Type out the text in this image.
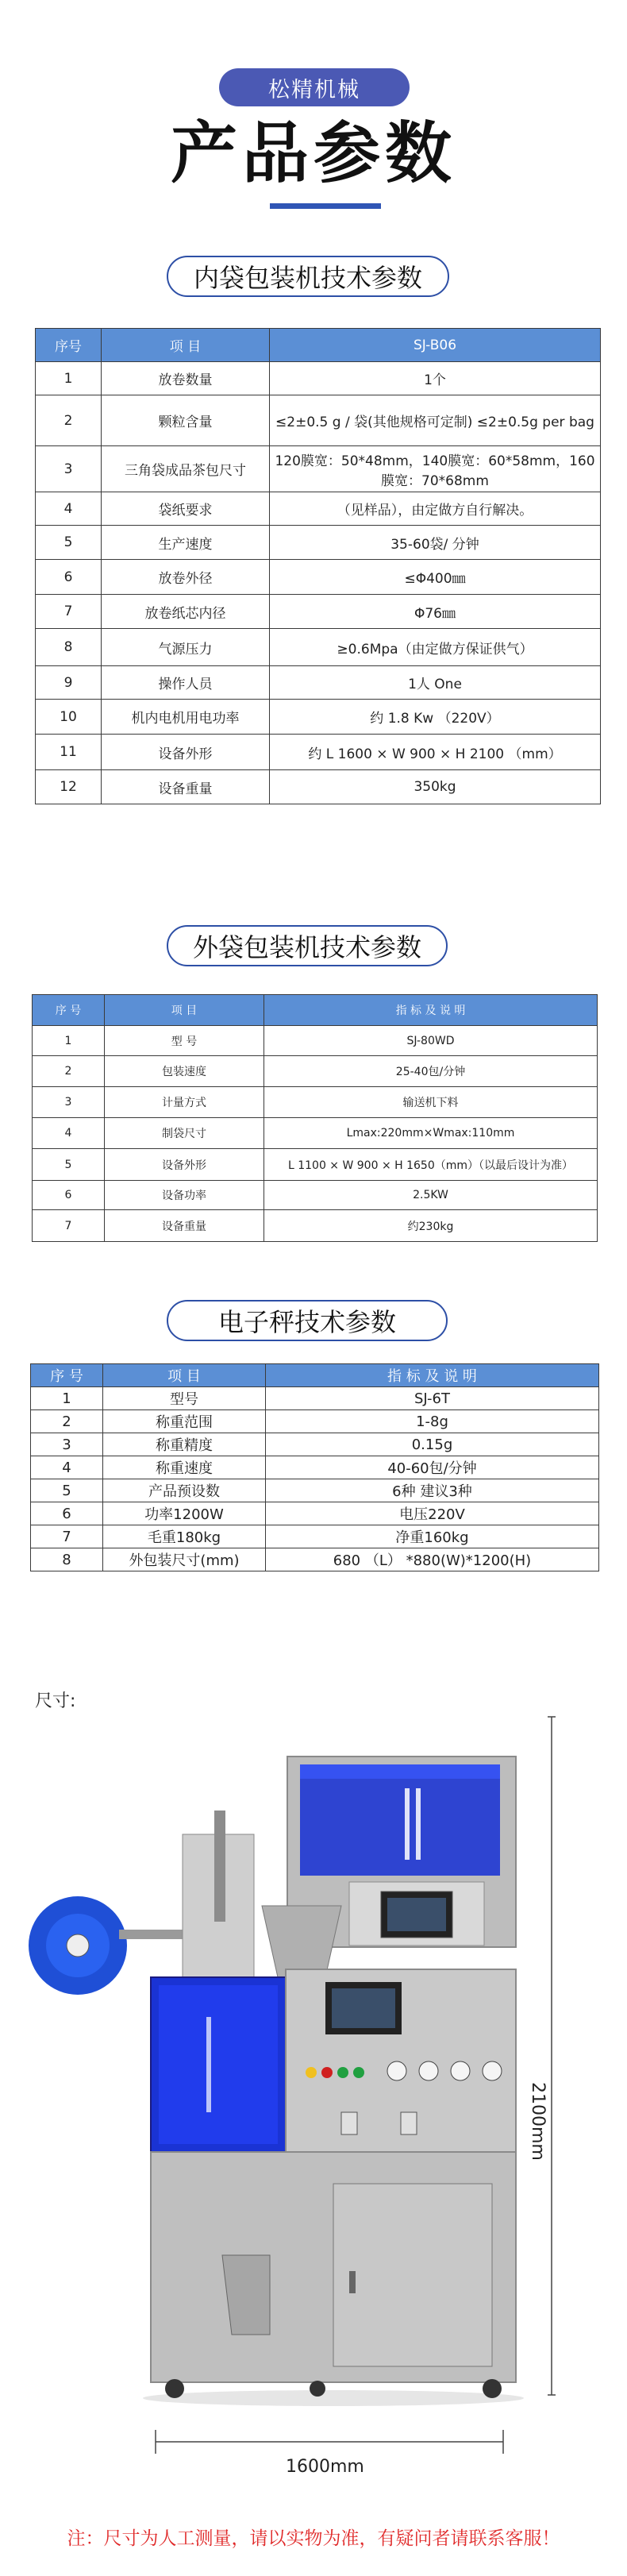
松精机械
产品参数
内袋包装机技术参数
序号	项 目	SJ-B06
1	放卷数量	1个
2	颗粒含量	≤2±0.5 g / 袋(其他规格可定制) ≤2±0.5g per bag
3	三角袋成品茶包尺寸	120膜宽：50*48mm，140膜宽：60*58mm，160膜宽：70*68mm
4	袋纸要求	（见样品），由定做方自行解决。
5	生产速度	35-60袋/ 分钟
6	放卷外径	≤Φ400㎜
7	放卷纸芯内径	Φ76㎜
8	气源压力	≥0.6Mpa（由定做方保证供气）
9	操作人员	1人 One
10	机内电机用电功率	约 1.8 Kw （220V）
11	设备外形	约 L 1600 × W 900 × H 2100 （mm）
12	设备重量	350kg
外袋包装机技术参数
序 号	项 目	指 标 及 说 明
1	型 号	SJ-80WD
2	包装速度	25-40包/分钟
3	计量方式	输送机下料
4	制袋尺寸	Lmax:220mm×Wmax:110mm
5	设备外形	L 1100 × W 900 × H 1650（mm）（以最后设计为准）
6	设备功率	2.5KW
7	设备重量	约230kg
电子秤技术参数
序 号	项 目	指 标 及 说 明
1	型号	SJ-6T
2	称重范围	1-8g
3	称重精度	0.15g
4	称重速度	40-60包/分钟
5	产品预设数	6种 建议3种
6	功率1200W	电压220V
7	毛重180kg	净重160kg
8	外包装尺寸(mm)	680 （L） *880(W)*1200(H)
尺寸:
2100mm
1600mm
注：尺寸为人工测量，请以实物为准，有疑问者请联系客服！
